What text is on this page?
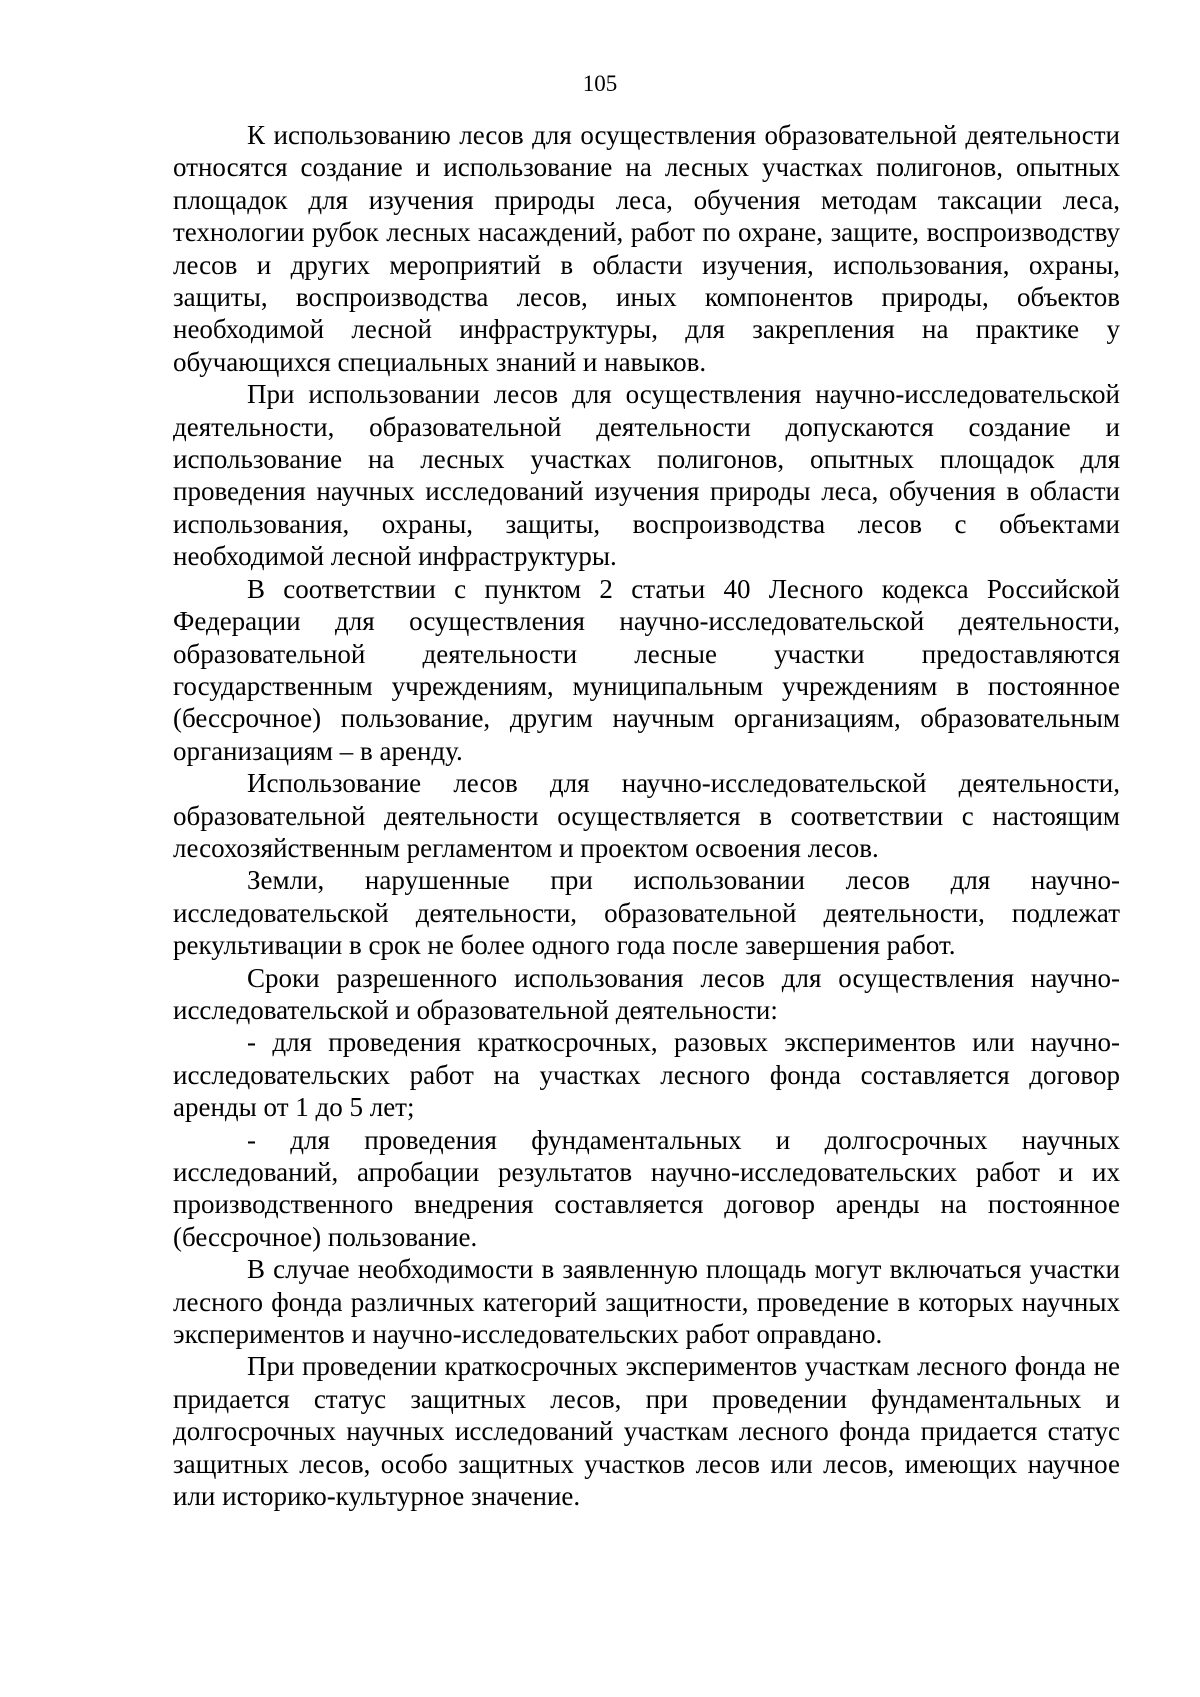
105

К использованию лесов для осуществления образовательной деятельности относятся создание и использование на лесных участках полигонов, опытных площадок для изучения природы леса, обучения методам таксации леса, технологии рубок лесных насаждений, работ по охране, защите, воспроизводству лесов и других мероприятий в области изучения, использования, охраны, защиты, воспроизводства лесов, иных компонентов природы, объектов необходимой лесной инфраструктуры, для закрепления на практике у обучающихся специальных знаний и навыков.

При использовании лесов для осуществления научно-исследовательской деятельности, образовательной деятельности допускаются создание и использование на лесных участках полигонов, опытных площадок для проведения научных исследований изучения природы леса, обучения в области использования, охраны, защиты, воспроизводства лесов с объектами необходимой лесной инфраструктуры.

В соответствии с пунктом 2 статьи 40 Лесного кодекса Российской Федерации для осуществления научно-исследовательской деятельности, образовательной деятельности лесные участки предоставляются государственным учреждениям, муниципальным учреждениям в постоянное (бессрочное) пользование, другим научным организациям, образовательным организациям – в аренду.

Использование лесов для научно-исследовательской деятельности, образовательной деятельности осуществляется в соответствии с настоящим лесохозяйственным регламентом и проектом освоения лесов.

Земли, нарушенные при использовании лесов для научно-исследовательской деятельности, образовательной деятельности, подлежат рекультивации в срок не более одного года после завершения работ.

Сроки разрешенного использования лесов для осуществления научно-исследовательской и образовательной деятельности:

- для проведения краткосрочных, разовых экспериментов или научно-исследовательских работ на участках лесного фонда составляется договор аренды от 1 до 5 лет;

- для проведения фундаментальных и долгосрочных научных исследований, апробации результатов научно-исследовательских работ и их производственного внедрения составляется договор аренды на постоянное (бессрочное) пользование.

В случае необходимости в заявленную площадь могут включаться участки лесного фонда различных категорий защитности, проведение в которых научных экспериментов и научно-исследовательских работ оправдано.

При проведении краткосрочных экспериментов участкам лесного фонда не придается статус защитных лесов, при проведении фундаментальных и долгосрочных научных исследований участкам лесного фонда придается статус защитных лесов, особо защитных участков лесов или лесов, имеющих научное или историко-культурное значение.
